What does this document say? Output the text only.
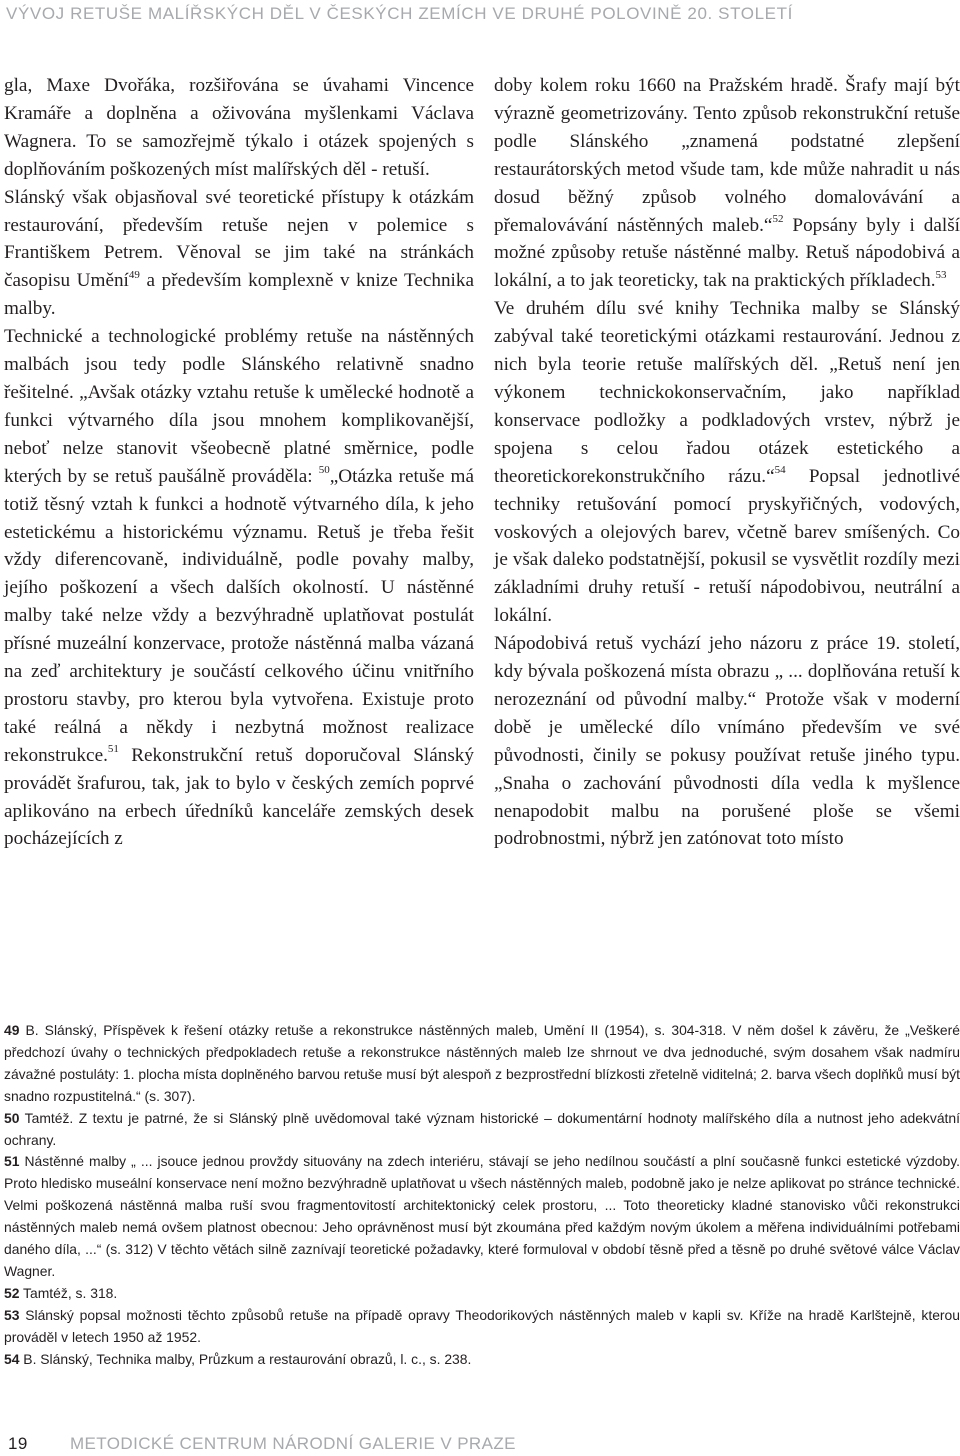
VÝVOJ RETUŠE MALÍŘSKÝCH DĚL V ČESKÝCH ZEMÍCH VE DRUHÉ POLOVINĚ 20. STOLETÍ

gla, Maxe Dvořáka, rozšiřována se úvahami Vincence Kramáře a doplněna a oživována myšlenkami Václava Wagnera. To se samozřejmě týkalo i otázek spojených s doplňováním poškozených míst malířských děl - retuší.

Slánský však objasňoval své teoretické přístupy k otázkám restaurování, především retuše nejen v polemice s Františkem Petrem. Věnoval se jim také na stránkách časopisu Umění$^{49}$ a především komplexně v knize Technika malby.

Technické a technologické problémy retuše na nástěnných malbách jsou tedy podle Slánského relativně snadno řešitelné. „Avšak otázky vztahu retuše k umělecké hodnotě a funkci výtvarného díla jsou mnohem komplikovanější, neboť nelze stanovit všeobecně platné směrnice, podle kterých by se retuš paušálně prováděla: $^{50}$„Otázka retuše má totiž těsný vztah k funkci a hodnotě výtvarného díla, k jeho estetickému a historickému významu. Retuš je třeba řešit vždy diferencovaně, individuálně, podle povahy malby, jejího poškození a všech dalších okolností. U nástěnné malby také nelze vždy a bezvýhradně uplatňovat postulát přísné muzeální konzervace, protože nástěnná malba vázaná na zeď architektury je součástí celkového účinu vnitřního prostoru stavby, pro kterou byla vytvořena. Existuje proto také reálná a někdy i nezbytná možnost realizace rekonstrukce.$^{51}$ Rekonstrukční retuš doporučoval Slánský provádět šrafurou, tak, jak to bylo v českých zemích poprvé aplikováno na erbech úředníků kanceláře zemských desek pocházejících z

doby kolem roku 1660 na Pražském hradě. Šrafy mají být výrazně geometrizovány. Tento způsob rekonstrukční retuše podle Slánského „znamená podstatné zlepšení restaurátorských metod všude tam, kde může nahradit u nás dosud běžný způsob volného domalovávání a přemalovávání nástěnných maleb.“$^{52}$ Popsány byly i další možné způsoby retuše nástěnné malby. Retuš nápodobivá a lokální, a to jak teoreticky, tak na praktických příkladech.$^{53}$

Ve druhém dílu své knihy Technika malby se Slánský zabýval také teoretickými otázkami restaurování. Jednou z nich byla teorie retuše malířských děl. „Retuš není jen výkonem technickokonservačním, jako například konservace podložky a podkladových vrstev, nýbrž je spojena s celou řadou otázek estetického a theoretickorekonstrukčního rázu.“$^{54}$ Popsal jednotlivé techniky retušování pomocí pryskyřičných, vodových, voskových a olejových barev, včetně barev smíšených. Co je však daleko podstatnější, pokusil se vysvětlit rozdíly mezi základními druhy retuší - retuší nápodobivou, neutrální a lokální.

Nápodobivá retuš vychází jeho názoru z práce 19. století, kdy bývala poškozená místa obrazu „ ... doplňována retuší k nerozeznání od původní malby.“ Protože však v moderní době je umělecké dílo vnímáno především ve své původnosti, činily se pokusy používat retuše jiného typu. „Snaha o zachování původnosti díla vedla k myšlence nenapodobit malbu na porušené ploše se všemi podrobnostmi, nýbrž jen zatónovat toto místo

49 B. Slánský, Příspěvek k řešení otázky retuše a rekonstrukce nástěnných maleb, Umění II (1954), s. 304-318. V něm došel k závěru, že „Veškeré předchozí úvahy o technických předpokladech retuše a rekonstrukce nástěnných maleb lze shrnout ve dva jednoduché, svým dosahem však nadmíru závažné postuláty: 1. plocha místa doplněného barvou retuše musí být alespoň z bezprostřední blízkosti zřetelně viditelná; 2. barva všech doplňků musí být snadno rozpustitelná.“ (s. 307).

50 Tamtéž. Z textu je patrné, že si Slánský plně uvědomoval také význam historické – dokumentární hodnoty malířského díla a nutnost jeho adekvátní ochrany.

51 Nástěnné malby „ ... jsouce jednou provždy situovány na zdech interiéru, stávají se jeho nedílnou součástí a plní současně funkci estetické výzdoby. Proto hledisko museální konservace není možno bezvýhradně uplatňovat u všech nástěnných maleb, podobně jako je nelze aplikovat po stránce technické. Velmi poškozená nástěnná malba ruší svou fragmentovitostí architektonický celek prostoru, ... Toto theoreticky kladné stanovisko vůči rekonstrukci nástěnných maleb nemá ovšem platnost obecnou: Jeho oprávněnost musí být zkoumána před každým novým úkolem a měřena individuálními potřebami daného díla, ...“ (s. 312) V těchto větách silně zaznívají teoretické požadavky, které formuloval v období těsně před a těsně po druhé světové válce Václav Wagner.

52 Tamtéž, s. 318.

53 Slánský popsal možnosti těchto způsobů retuše na případě opravy Theodorikových nástěnných maleb v kapli sv. Kříže na hradě Karlštejně, kterou prováděl v letech 1950 až 1952.

54 B. Slánský, Technika malby, Průzkum a restaurování obrazů, l. c., s. 238.

19 METODICKÉ CENTRUM NÁRODNÍ GALERIE V PRAZE
